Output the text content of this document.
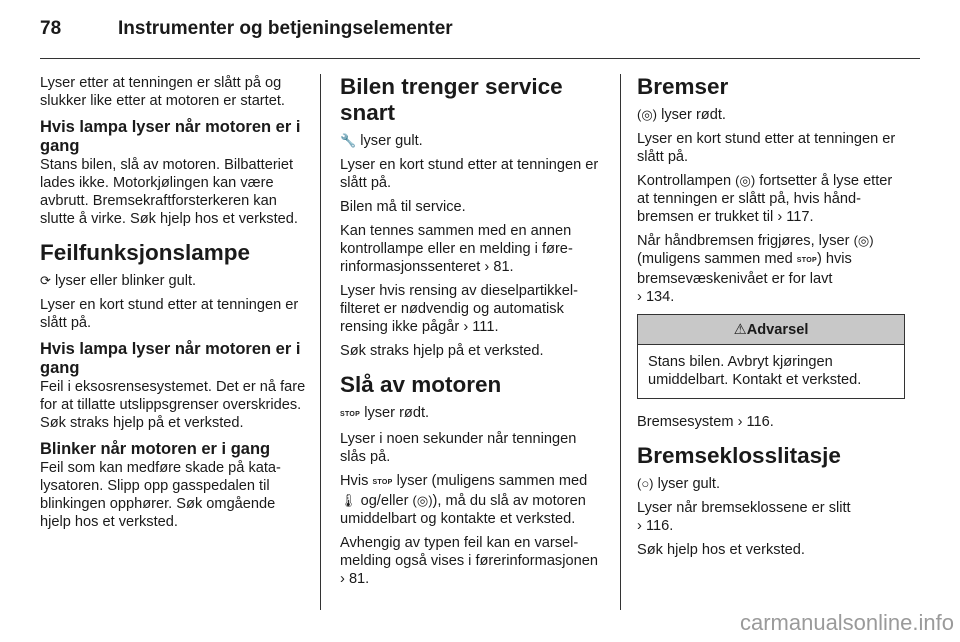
78	Instrumenter og betjeningselementer

Lyser etter at tenningen er slått på og slukker like etter at motoren er startet.

Hvis lampa lyser når motoren er i gang

Stans bilen, slå av motoren. Bilbatteriet lades ikke. Motorkjølingen kan være avbrutt. Bremsekraftforsterkeren kan slutte å virke. Søk hjelp hos et verksted.

Feilfunksjonslampe

⟳ lyser eller blinker gult.

Lyser en kort stund etter at tenningen er slått på.

Hvis lampa lyser når motoren er i gang

Feil i eksosrensesystemet. Det er nå fare for at tillatte utslippsgrenser overskrides. Søk straks hjelp på et verksted.

Blinker når motoren er i gang

Feil som kan medføre skade på katalysatoren. Slipp opp gasspedalen til blinkingen opphører. Søk omgående hjelp hos et verksted.

Bilen trenger service snart

🔧 lyser gult.

Lyser en kort stund etter at tenningen er slått på.

Bilen må til service.

Kan tennes sammen med en annen kontrollampe eller en melding i førerinformasjonssenteret › 81.

Lyser hvis rensing av dieselpartikkelfilteret er nødvendig og automatisk rensing ikke pågår › 111.

Søk straks hjelp på et verksted.

Slå av motoren

STOP lyser rødt.

Lyser i noen sekunder når tenningen slås på.

Hvis STOP lyser (muligens sammen med 🌡 og/eller (◎)), må du slå av motoren umiddelbart og kontakte et verksted.

Avhengig av typen feil kan en varselmelding også vises i førerinformasjonen › 81.

Bremser

(◎) lyser rødt.

Lyser en kort stund etter at tenningen er slått på.

Kontrollampen (◎) fortsetter å lyse etter at tenningen er slått på, hvis håndbremsen er trukket til › 117.

Når håndbremsen frigjøres, lyser (◎) (muligens sammen med STOP) hvis bremsevæskenivået er for lavt
› 134.

⚠Advarsel
Stans bilen. Avbryt kjøringen umiddelbart. Kontakt et verksted.

Bremsesystem › 116.

Bremseklosslitasje

(○) lyser gult.

Lyser når bremseklossene er slitt
› 116.

Søk hjelp hos et verksted.

carmanualsonline.info
